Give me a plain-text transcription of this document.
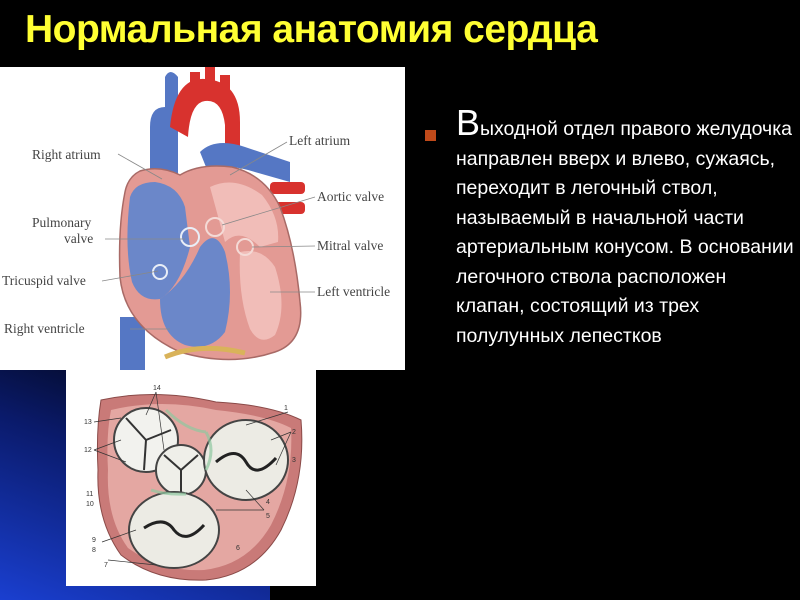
Нормальная анатомия сердца
Right atrium
Pulmonary
valve
Tricuspid valve
Right ventricle
Left atrium
Aortic valve
Mitral valve
Left ventricle
14
13
12
11
10
9
8
7
1
2
3
4
5
6

Выходной отдел правого желудочка направлен вверх и влево, сужаясь, переходит в легочный ствол, называемый в начальной части артериальным конусом. В основании легочного ствола расположен клапан, состоящий из трех полулунных лепестков
